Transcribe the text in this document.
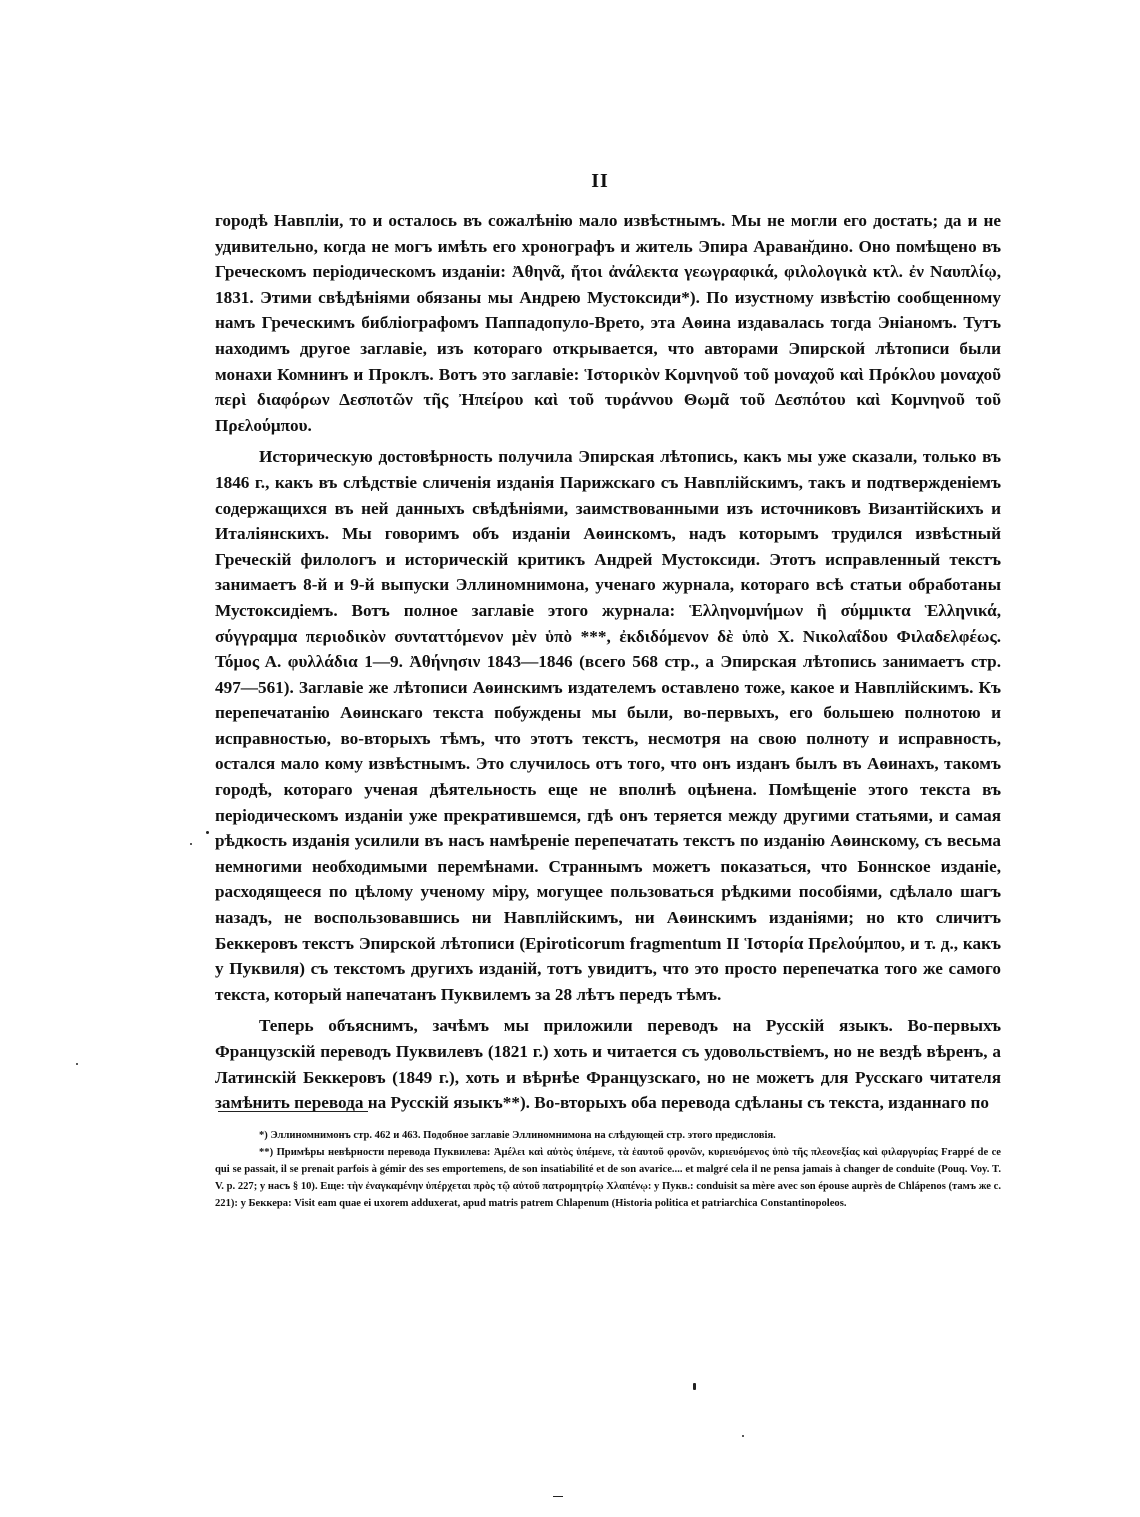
II

городѣ Навпліи, то и осталось въ сожалѣнію мало извѣстнымъ. Мы не могли его достать; да и не удивительно, когда не могъ имѣть его хронографъ и житель Эпира Араван̆дино. Оно помѣщено въ Греческомъ періодическомъ изданіи: Ἀθηνᾶ, ἤτοι ἀνάλεκτα γεωγραφικά, φιλολογικὰ κτλ. ἐν Ναυπλίῳ, 1831. Этими свѣдѣніями обязаны мы Андрею Мустоксиди*). По изустному извѣстію сообщенному намъ Греческимъ библіографомъ Паппадопуло-Врето, эта Аѳина издавалась тогда Эніаномъ. Тутъ находимъ другое заглавіе, изъ котораго открывается, что авторами Эпирской лѣтописи были монахи Комнинъ и Проклъ. Вотъ это заглавіе: Ἱστορικὸν Κομνηνοῦ τοῦ μοναχοῦ καὶ Πρόκλου μοναχοῦ περὶ διαφόρων Δεσποτῶν τῆς Ἠπείρου καὶ τοῦ τυράννου Θωμᾶ τοῦ Δεσπότου καὶ Κομνηνοῦ τοῦ Πρελούμπου.

Историческую достовѣрность получила Эпирская лѣтопись, какъ мы уже сказали, только въ 1846 г., какъ въ слѣдствіе сличенія изданія Парижскаго съ Навплійскимъ, такъ и подтвержденіемъ содержащихся въ ней данныхъ свѣдѣніями, заимствованными изъ источниковъ Византійскихъ и Италіянскихъ. Мы говоримъ объ изданіи Аѳинскомъ, надъ которымъ трудился извѣстный Греческій филологъ и историческій критикъ Андрей Мустоксиди. Этотъ исправленный текстъ занимаетъ 8-й и 9-й выпуски Эллиномнимона, ученаго журнала, котораго всѣ статьи обработаны Мустоксидіемъ. Вотъ полное заглавіе этого журнала: Ἑλληνομνήμων ἢ σύμμικτα Ἑλληνικά, σύγγραμμα περιοδικὸν συνταττόμενον μὲν ὑπὸ ***, ἐκδιδόμενον δὲ ὑπὸ Χ. Νικολαΐδου Φιλαδελφέως. Τόμος Α. φυλλάδια 1—9. Ἀθήνησιν 1843—1846 (всего 568 стр., а Эпирская лѣтопись занимаетъ стр. 497—561). Заглавіе же лѣтописи Аѳинскимъ издателемъ оставлено тоже, какое и Навплійскимъ. Къ перепечатанію Аѳинскаго текста побуждены мы были, во-первыхъ, его большею полнотою и исправностью, во-вторыхъ тѣмъ, что этотъ текстъ, несмотря на свою полноту и исправность, остался мало кому извѣстнымъ. Это случилось отъ того, что онъ изданъ былъ въ Аѳинахъ, такомъ городѣ, котораго ученая дѣятельность еще не вполнѣ оцѣнена. Помѣщеніе этого текста въ періодическомъ изданіи уже прекратившемся, гдѣ онъ теряется между другими статьями, и самая рѣдкость изданія усилили въ насъ намѣреніе перепечатать текстъ по изданію Аѳинскому, съ весьма немногими необходимыми перемѣнами. Страннымъ можетъ показаться, что Боннское изданіе, расходящееся по цѣлому ученому міру, могущее пользоваться рѣдкими пособіями, сдѣлало шагъ назадъ, не воспользовавшись ни Навплійскимъ, ни Аѳинскимъ изданіями; но кто сличитъ Беккеровъ текстъ Эпирской лѣтописи (Epiroticorum fragmentum II Ἱστορία Πρελούμπου, и т. д., какъ у Пуквиля) съ текстомъ другихъ изданій, тотъ увидитъ, что это просто перепечатка того же самого текста, который напечатанъ Пуквилемъ за 28 лѣтъ передъ тѣмъ.

Теперь объяснимъ, зачѣмъ мы приложили переводъ на Русскій языкъ. Во-первыхъ Французскій переводъ Пуквилевъ (1821 г.) хоть и читается съ удовольствіемъ, но не вездѣ вѣренъ, а Латинскій Беккеровъ (1849 г.), хоть и вѣрнѣе Французскаго, но не можетъ для Русскаго читателя замѣнить перевода на Русскій языкъ**). Во-вторыхъ оба перевода сдѣланы съ текста, изданнаго по

*) Эллиномнимонъ стр. 462 и 463. Подобное заглавіе Эллиномнимона на слѣдующей стр. этого предисловія.

**) Примѣры невѣрности перевода Пуквилева: Ἀμέλει καὶ αὐτὸς ὑπέμενε, τὰ ἑαυτοῦ φρονῶν, κυριευόμενος ὑπὸ τῆς πλεονεξίας καὶ φιλαργυρίας Frappé de ce qui se passait, il se prenait parfois à gémir des ses emportemens, de son insatiabilité et de son avarice.... et malgré cela il ne pensa jamais à changer de conduite (Pouq. Voy. T. V. p. 227; у насъ § 10). Еще: τὴν ἐναγκαμένην ὑπέρχεται πρὸς τῷ αὐτοῦ πατρομητρίῳ Χλαπένῳ: у Пукв.: conduisit sa mère avec son épouse auprès de Chlápenos (тамъ же с. 221): у Беккера: Visit eam quae ei uxorem adduxerat, apud matris patrem Chlapenum (Historia politica et patriarchica Constantinopoleos.
